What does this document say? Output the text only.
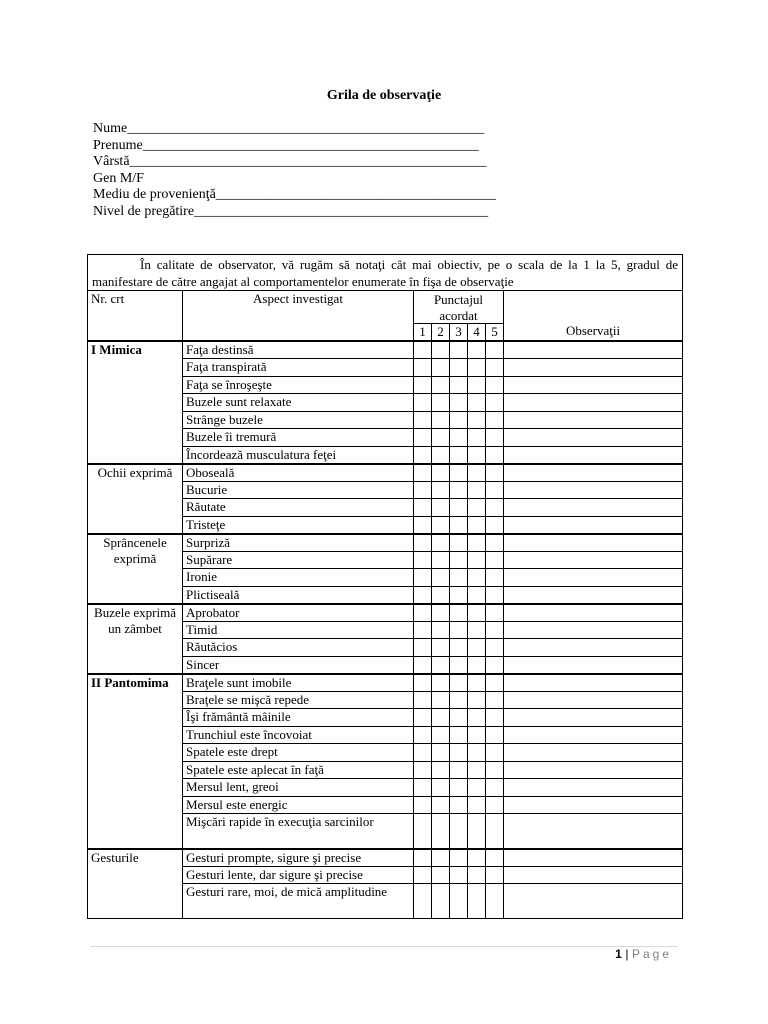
Grila de observaţie
Nume___________________________________________________
Prenume________________________________________________
Vârstă___________________________________________________
Gen M/F
Mediu de provenienţă________________________________________
Nivel de pregătire__________________________________________
În calitate de observator, vă rugăm să notaţi cât mai obiectiv, pe o scala de la 1 la 5, gradul de manifestare de către angajat al comportamentelor enumerate în fişa de observaţie							
Nr. crt	Aspect investigat	Punctajul acordat					Observaţii
		1	2	3	4	5	
I Mimica	Faţa destinsă						
	Faţa transpirată						
	Faţa se înroşeşte						
	Buzele sunt relaxate						
	Strânge buzele						
	Buzele îi tremură						
	Încordează musculatura feţei						
Ochii exprimă	Oboseală						
	Bucurie						
	Răutate						
	Tristeţe						
Sprâncenele exprimă	Surpriză						
	Supărare						
	Ironie						
	Plictiseală						
Buzele exprimă un zâmbet	Aprobator						
	Timid						
	Răutăcios						
	Sincer						
II Pantomima	Braţele sunt imobile						
	Braţele se mişcă repede						
	Îşi frământă mâinile						
	Trunchiul este încovoiat						
	Spatele este drept						
	Spatele este aplecat în faţă						
	Mersul lent, greoi						
	Mersul este energic						
	Mişcări rapide în execuţia sarcinilor						
Gesturile	Gesturi prompte, sigure şi precise						
	Gesturi lente, dar sigure şi precise						
	Gesturi rare, moi, de mică amplitudine						
1 | Page
